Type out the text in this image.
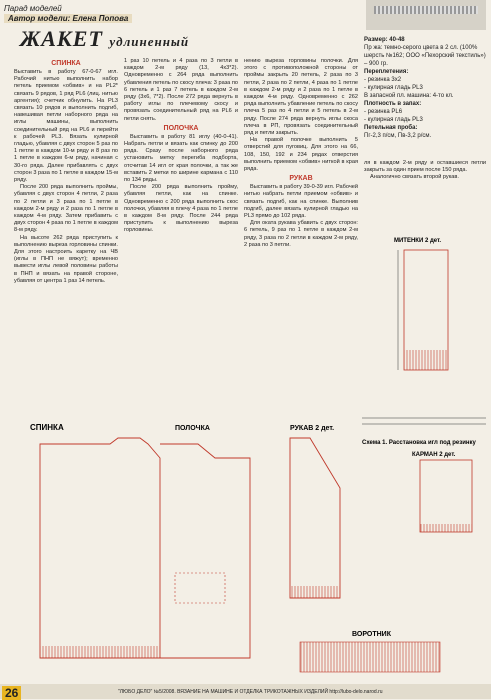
Парад моделей
Автор модели: Елена Попова
ЖАКЕТ удлиненный	Размер: 40-48
Пр жа: темно-серого цвета в 2 сл. (100% шерсть №162; ООО «Пехорский текстиль») – 900 гр.
Переплетения:
- резинка 3х2
- кулирная гладь PL3
В запасной пл. машина: 4-то кл.
Плотность в запах:
- резинка PL6
- кулирная гладь PL3
Петельная проба:
Пг-2,3 п/см, Пв-3,2 р/см.
СПИНКА

Выставить в работу 67-0-67 игл. Рабочий нитью выполнить набор петель приемом «обвив» и на PL2* связать 9 рядов, 1 ряд PL6 (лиц. нитью аргентия); счетчик обнулить. На PL3 связать 10 рядов и выполнить подгиб, навешивая петли наборного ряда на иглы машины, выполнить соединительный ряд на PL6 и перейти к рабочей PL3. Вязать кулирной гладью, убавляя с двух сторон 5 раз по 1 петле в каждом 10-м ряду и 8 раз по 1 петле в каждом 6-м ряду, начиная с 30-го ряда. Далее прибавлять с двух сторон 3 раза по 1 петле в каждом 15-м ряду.

После 200 ряда выполнить проймы, убавляя с двух сторон 4 петли, 2 раза по 2 петли и 3 раза по 1 петле в каждом 2-м ряду и 2 раза по 1 петле в каждом 4-м ряду. Затем прибавить с двух сторон 4 раза по 1 петле в каждом 8-м ряду.

На высоте 262 ряда приступить к выполнению выреза горловины спинки. Для этого настроить каретку на ЧВ (иглы в ПНП не вяжут); временно вывести иглы левой половины работы в ПНП и вязать на правой стороне, убавляя от центра 1 раз 14 петель.

1 раз 10 петель и 4 раза по 3 петли в каждом 2-м ряду (13, 4х3*2). Одновременно с 264 ряда выполнить убавления петель по скосу плеча: 3 раза по 6 петель и 1 раз 7 петель в каждом 2-м ряду (3х6, 7*2). После 272 ряда вернуть в работу иглы по плечевому скосу и провязать соединительный ряд на PL6 и петли снять.

ПОЛОЧКА

Выставить в работу 81 иглу (40-0-41). Набрать петли и вязать как спинку до 200 ряда. Сразу после наборного ряда установить метку перегиба подборта, отсчитав 14 игл от края полочки, а так же вставить 2 метки по ширине кармана с 110 по 134 ряды.

После 200 ряда выполнить пройму, убавляя петли, как на спинке. Одновременно с 200 ряда выполнить скос полочки, убавляя в плечу 4 раза по 1 петле в каждом 8-м ряду. После 244 ряда приступить к выполнению выреза горловины.

нению выреза горловины полочки. Для этого с противоположной стороны от проймы закрыть 20 петель, 2 раза по 3 петли, 2 раза по 2 петли, 4 раза по 1 петле в каждом 2-м ряду и 2 раза по 1 петле в каждом 4-м ряду. Одновременно с 262 ряда выполнить убавление петель по скосу плеча 5 раз по 4 петли и 5 петель в 2-м ряду. После 274 ряда вернуть иглы скоса плеча в РП, провязать соединительный ряд и петли закрыть.

На правой полочке выполнить 5 отверстий для пуговиц. Для этого на 66, 108, 150, 192 и 234 рядах отверстия выполнить приемом «обвив» ниткой в края ряда.

РУКАВ

Выставить в работу 39-0-39 игл. Рабочей нитью набрать петли приемом «обвив» и связать подгиб, как на спинке. Выполнив подгиб, далее вязать кулирной гладью на PL3 прямо до 102 ряда.

Для оката рукава убавить с двух сторон: 6 петель, 9 раз по 1 петле в каждом 2-м ряду, 3 раза по 2 петли в каждом 2-м ряду, 2 раза по 3 петли.

ля в каждом 2-м ряду и оставшиеся петли закрыть за один прием после 150 ряда.

Аналогично связать второй рукав.

МИТЕНКИ 2 дет.
СПИНКА	ПОЛОЧКА	РУКАВ 2 дет.
Схема 1. Расстановка игл под резинку
КАРМАН 2 дет.
ВОРОТНИК
26	"ЛЮБО ДЕЛО" №5/2008. ВЯЗАНИЕ НА МАШИНЕ И ОТДЕЛКА ТРИКОТАЖНЫХ ИЗДЕЛИЙ http://lubo-delo.narod.ru
